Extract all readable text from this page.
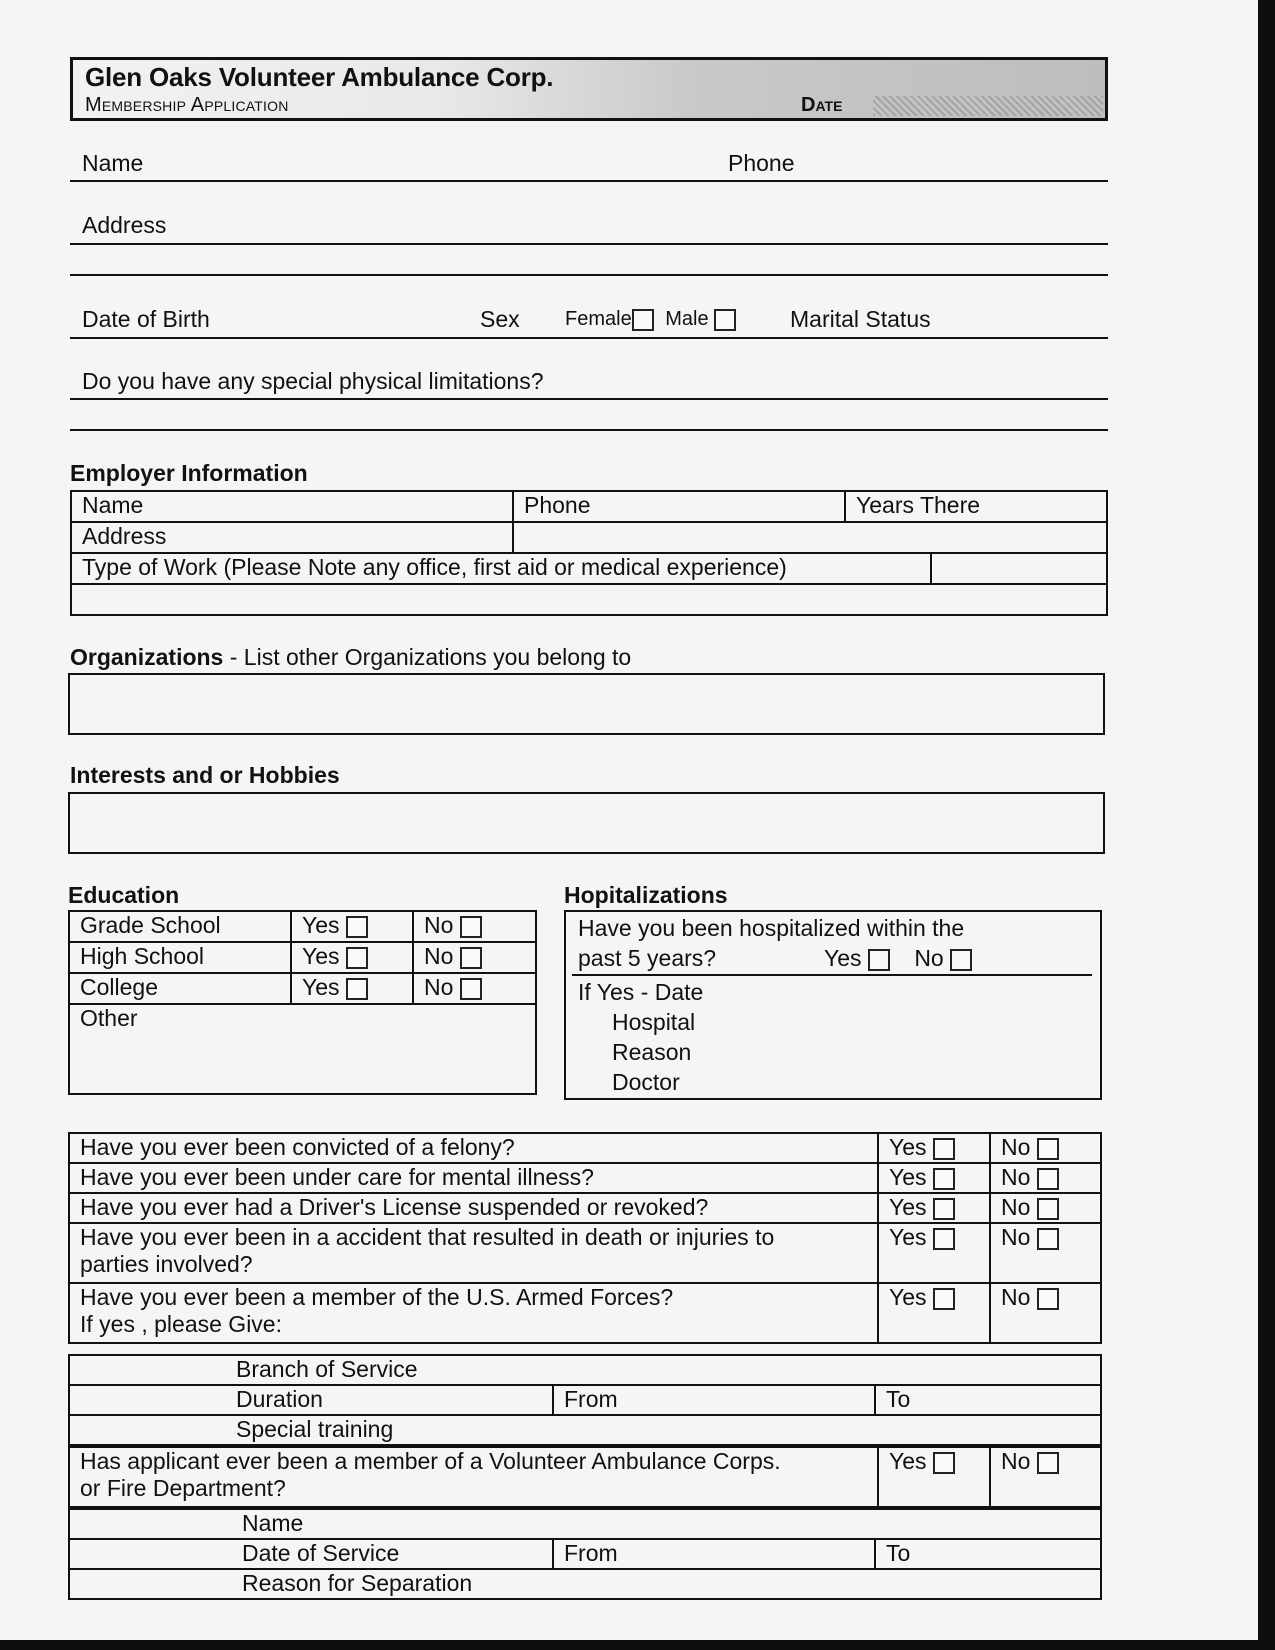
Glen Oaks Volunteer Ambulance Corp.
Membership Application	Date
Name	Phone
Address
Date of Birth	Sex Female Male	Marital Status
Do you have any special physical limitations?
Employer Information
Name	Phone	Years There
Address		
Type of Work (Please Note any office, first aid or medical experience)	

Organizations - List other Organizations you belong to
Interests and or Hobbies
Education
Grade School	Yes	No
High School	Yes	No
College	Yes	No
Other		
Hopitalizations
Have you been hospitalized within the
past 5 years?	Yes No
If Yes - Date
Hospital
Reason
Doctor
Have you ever been convicted of a felony?	Yes	No
Have you ever been under care for mental illness?	Yes	No
Have you ever had a Driver's License suspended or revoked?	Yes	No

Have you ever been in a accident that resulted in death or injuries to
parties involved?	Yes	No

Have you ever been a member of the U.S. Armed Forces?
If yes , please Give:	Yes	No
Branch of Service
Duration	From	To
Special training
Has applicant ever been a member of a Volunteer Ambulance Corps.
or Fire Department?
	Yes	No
Name
Date of Service	From	To
Reason for Separation
